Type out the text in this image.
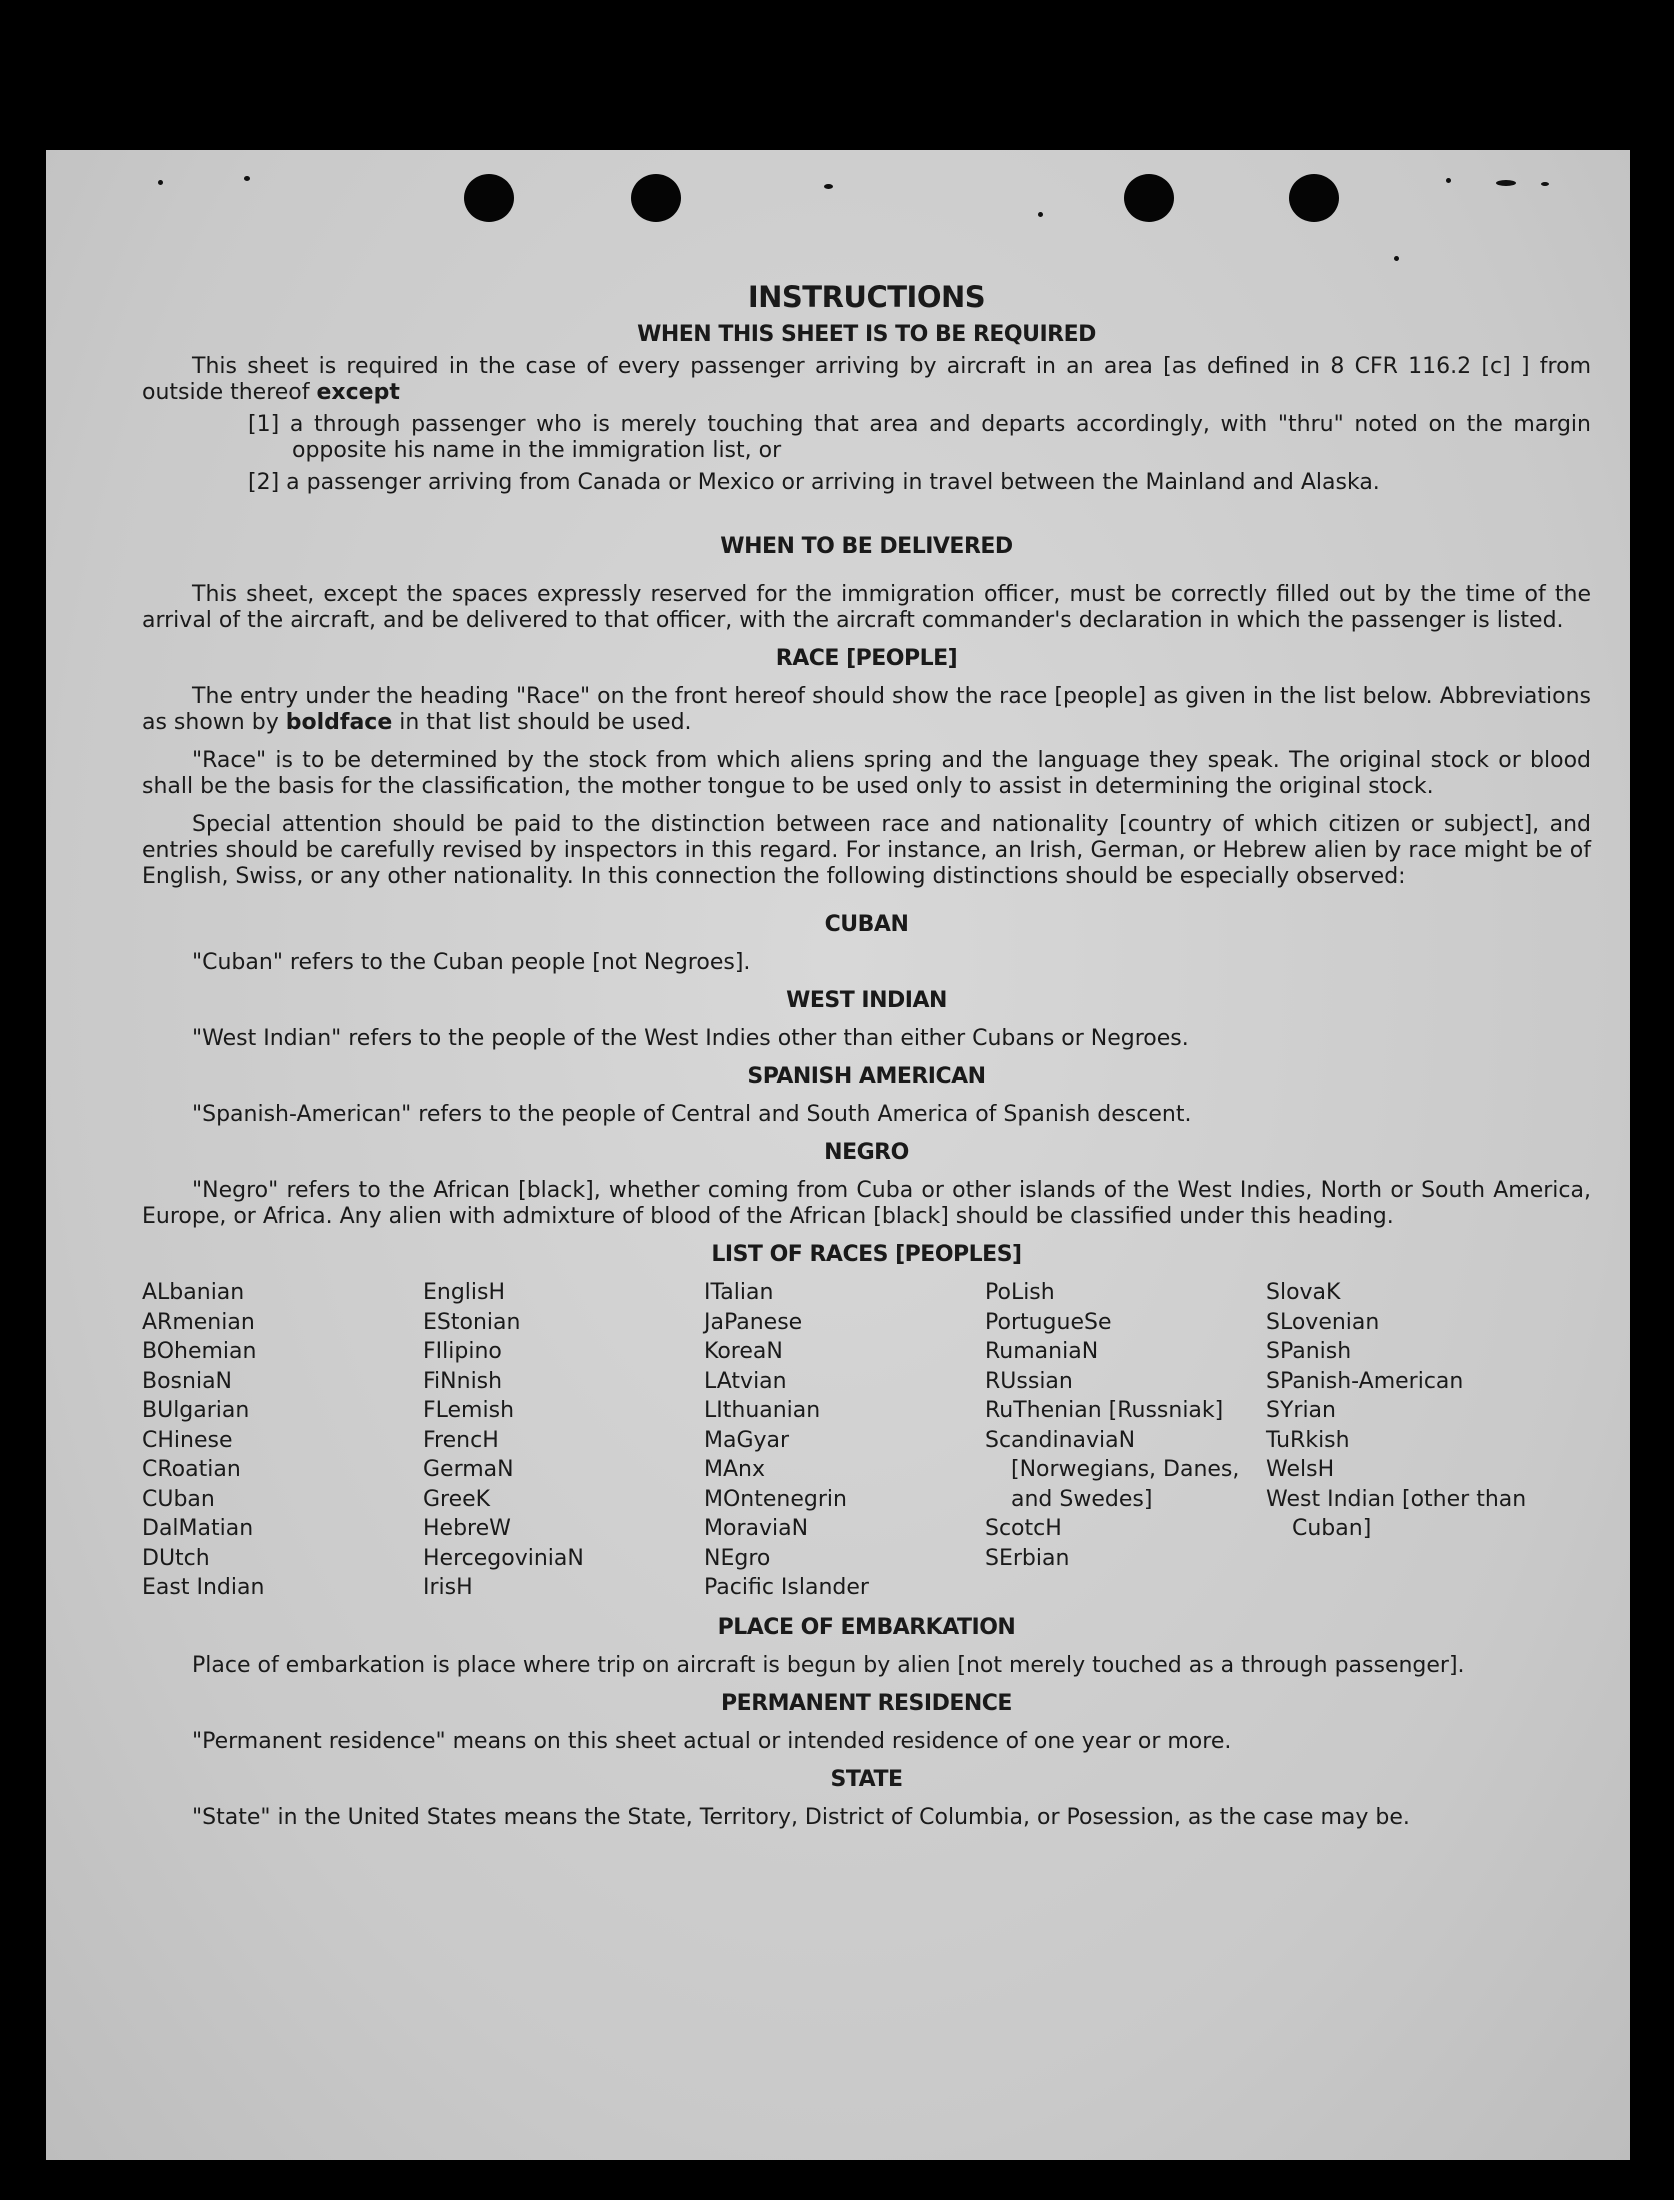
INSTRUCTIONS
WHEN THIS SHEET IS TO BE REQUIRED

This sheet is required in the case of every passenger arriving by aircraft in an area [as defined in 8 CFR 116.2 [c] ] from outside thereof except

[1] a through passenger who is merely touching that area and departs accordingly, with "thru" noted on the margin opposite his name in the immigration list, or
[2] a passenger arriving from Canada or Mexico or arriving in travel between the Mainland and Alaska.
WHEN TO BE DELIVERED

This sheet, except the spaces expressly reserved for the immigration officer, must be correctly filled out by the time of the arrival of the aircraft, and be delivered to that officer, with the aircraft commander's declaration in which the passenger is listed.

RACE [PEOPLE]

The entry under the heading "Race" on the front hereof should show the race [people] as given in the list below. Abbreviations as shown by boldface in that list should be used.

"Race" is to be determined by the stock from which aliens spring and the language they speak. The original stock or blood shall be the basis for the classification, the mother tongue to be used only to assist in determining the original stock.

Special attention should be paid to the distinction between race and nationality [country of which citizen or subject], and entries should be carefully revised by inspectors in this regard. For instance, an Irish, German, or Hebrew alien by race might be of English, Swiss, or any other nationality. In this connection the following distinctions should be especially observed:

CUBAN

"Cuban" refers to the Cuban people [not Negroes].

WEST INDIAN

"West Indian" refers to the people of the West Indies other than either Cubans or Negroes.

SPANISH AMERICAN

"Spanish-American" refers to the people of Central and South America of Spanish descent.

NEGRO

"Negro" refers to the African [black], whether coming from Cuba or other islands of the West Indies, North or South America, Europe, or Africa. Any alien with admixture of blood of the African [black] should be classified under this heading.

LIST OF RACES [PEOPLES]
ALbanian
ARmenian
BOhemian
BosniaN
BUlgarian
CHinese
CRoatian
CUban
DalMatian
DUtch
East Indian
EnglisH
EStonian
FIlipino
FiNnish
FLemish
FrencH
GermaN
GreeK
HebreW
HercegoviniaN
IrisH
ITalian
JaPanese
KoreaN
LAtvian
LIthuanian
MaGyar
MAnx
MOntenegrin
MoraviaN
NEgro
Pacific Islander
PoLish
PortugueSe
RumaniaN
RUssian
RuThenian [Russniak]
ScandinaviaN [Norwegians, Danes, and Swedes]
ScotcH
SErbian
SlovaK
SLovenian
SPanish
SPanish-American
SYrian
TuRkish
WelsH
West Indian [other than Cuban]
PLACE OF EMBARKATION

Place of embarkation is place where trip on aircraft is begun by alien [not merely touched as a through passenger].

PERMANENT RESIDENCE

"Permanent residence" means on this sheet actual or intended residence of one year or more.

STATE

"State" in the United States means the State, Territory, District of Columbia, or Posession, as the case may be.
